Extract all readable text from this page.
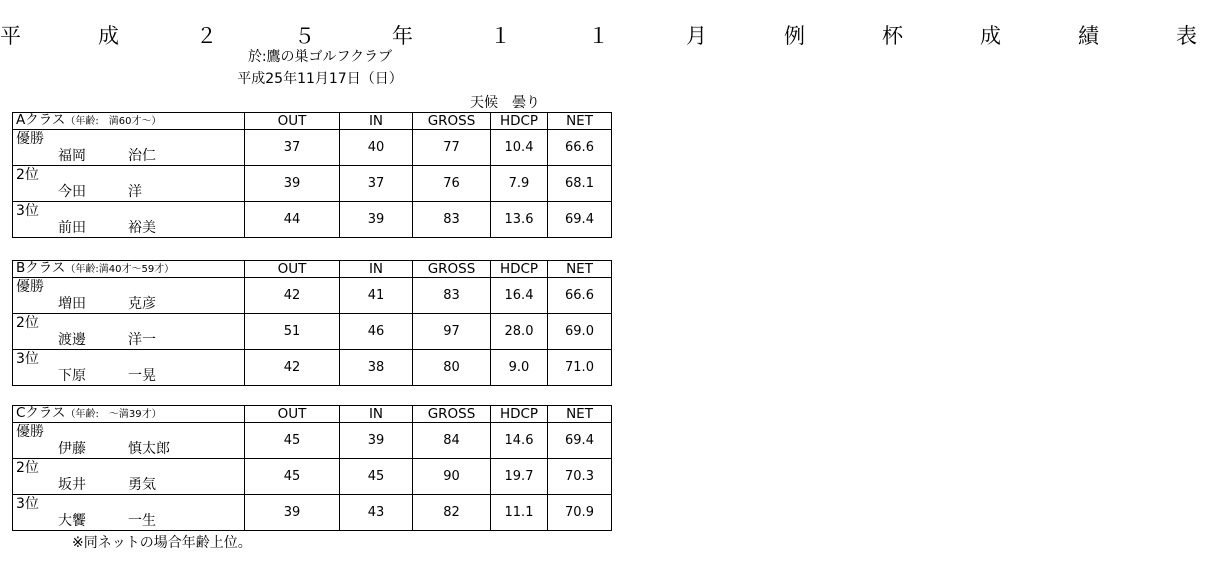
平　成　２　５　年　１　１　月　例　杯　成　績　表
於:鷹の巣ゴルフクラブ
平成25年11月17日（日）
天候　曇り
Aクラス（年齢:　満60才～）	OUT	IN	GROSS	HDCP	NET

優勝
福岡 治仁	37	40	77	10.4	66.6

2位
今田 洋	39	37	76	7.9	68.1

3位
前田 裕美	44	39	83	13.6	69.4
Bクラス（年齢:満40才～59才）	OUT	IN	GROSS	HDCP	NET

優勝
増田 克彦	42	41	83	16.4	66.6

2位
渡邊 洋一	51	46	97	28.0	69.0

3位
下原 一晃	42	38	80	9.0	71.0
Cクラス（年齢:　～満39才）	OUT	IN	GROSS	HDCP	NET

優勝
伊藤 慎太郎	45	39	84	14.6	69.4

2位
坂井 勇気	45	45	90	19.7	70.3

3位
大饗 一生	39	43	82	11.1	70.9
※同ネットの場合年齢上位。
